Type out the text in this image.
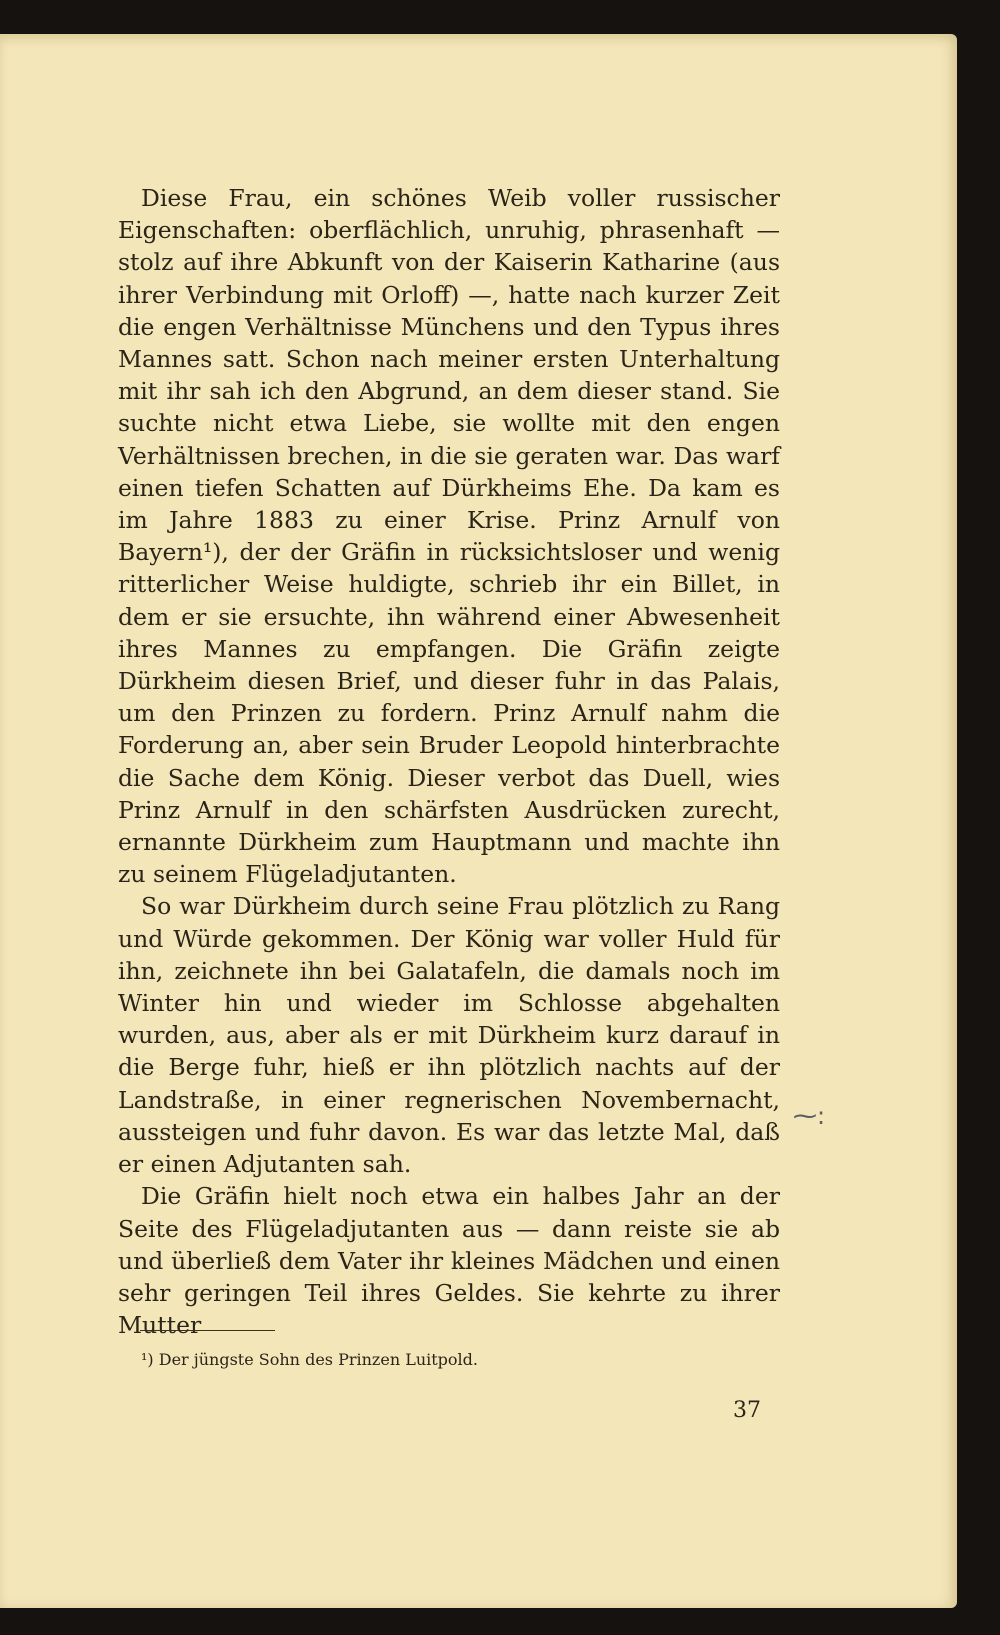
Diese Frau, ein schönes Weib voller russischer Eigenschaften: oberflächlich, unruhig, phrasenhaft — stolz auf ihre Abkunft von der Kaiserin Katharine (aus ihrer Verbindung mit Orloff) —, hatte nach kurzer Zeit die engen Verhältnisse Münchens und den Typus ihres Mannes satt. Schon nach meiner ersten Unterhaltung mit ihr sah ich den Abgrund, an dem dieser stand. Sie suchte nicht etwa Liebe, sie wollte mit den engen Verhältnissen brechen, in die sie geraten war. Das warf einen tiefen Schatten auf Dürkheims Ehe. Da kam es im Jahre 1883 zu einer Krise. Prinz Arnulf von Bayern¹), der der Gräfin in rücksichtsloser und wenig ritterlicher Weise huldigte, schrieb ihr ein Billet, in dem er sie ersuchte, ihn während einer Abwesenheit ihres Mannes zu empfangen. Die Gräfin zeigte Dürkheim diesen Brief, und dieser fuhr in das Palais, um den Prinzen zu fordern. Prinz Arnulf nahm die Forderung an, aber sein Bruder Leopold hinterbrachte die Sache dem König. Dieser verbot das Duell, wies Prinz Arnulf in den schärfsten Ausdrücken zurecht, ernannte Dürkheim zum Hauptmann und machte ihn zu seinem Flügeladjutanten.

So war Dürkheim durch seine Frau plötzlich zu Rang und Würde gekommen. Der König war voller Huld für ihn, zeichnete ihn bei Galatafeln, die damals noch im Winter hin und wieder im Schlosse abgehalten wurden, aus, aber als er mit Dürkheim kurz darauf in die Berge fuhr, hieß er ihn plötzlich nachts auf der Landstraße, in einer regnerischen Novembernacht, aussteigen und fuhr davon. Es war das letzte Mal, daß er einen Adjutanten sah.

Die Gräfin hielt noch etwa ein halbes Jahr an der Seite des Flügeladjutanten aus — dann reiste sie ab und überließ dem Vater ihr kleines Mädchen und einen sehr geringen Teil ihres Geldes. Sie kehrte zu ihrer Mutter

¹) Der jüngste Sohn des Prinzen Luitpold.
37
⁓:
